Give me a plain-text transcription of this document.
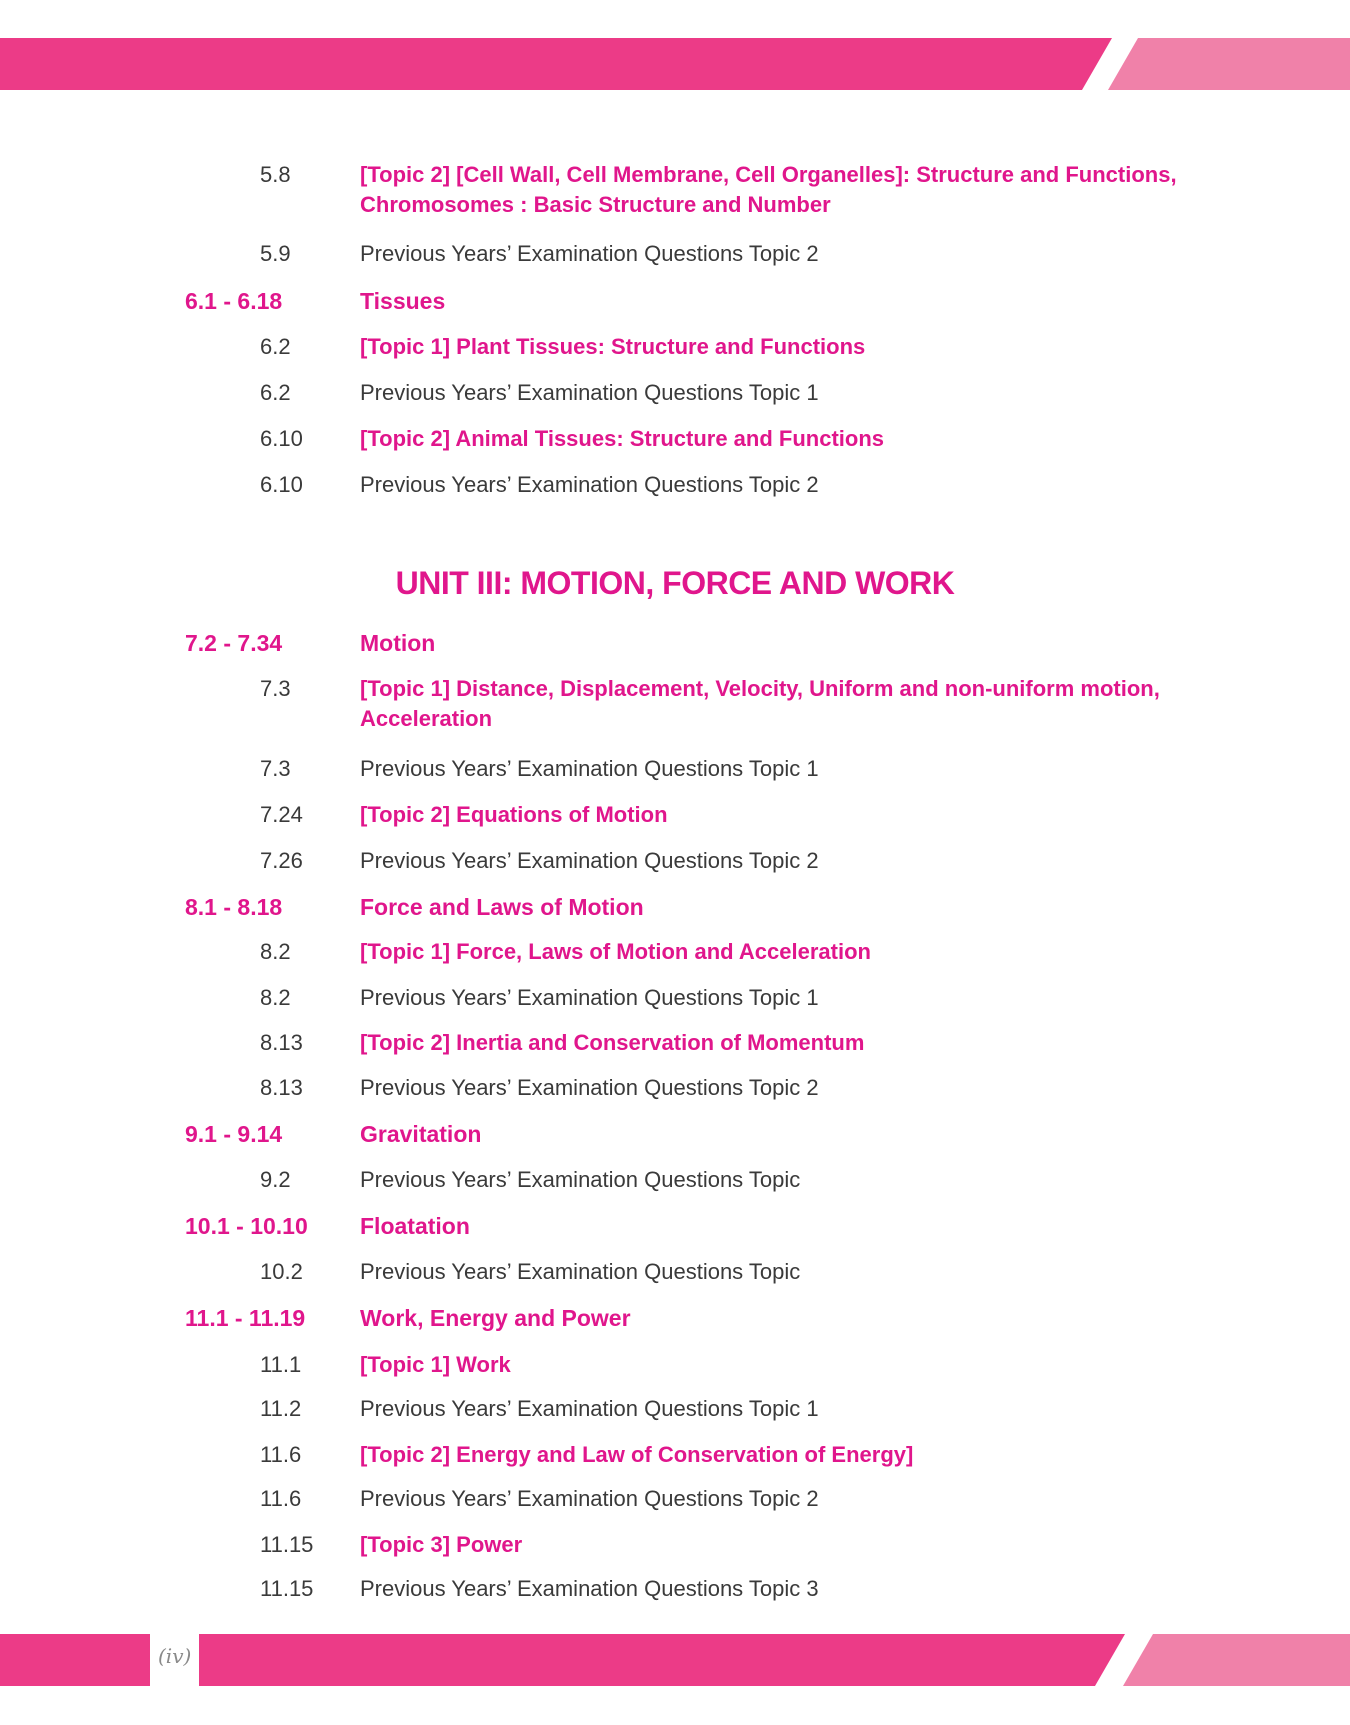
5.8	[Topic 2] [Cell Wall, Cell Membrane, Cell Organelles]: Structure and Functions, Chromosomes : Basic Structure and Number
5.9	Previous Years’ Examination Questions Topic 2
6.1 - 6.18	Tissues
6.2	[Topic 1] Plant Tissues: Structure and Functions
6.2	Previous Years’ Examination Questions Topic 1
6.10	[Topic 2] Animal Tissues: Structure and Functions
6.10	Previous Years’ Examination Questions Topic 2
UNIT III: MOTION, FORCE AND WORK
7.2 - 7.34	Motion
7.3	[Topic 1] Distance, Displacement, Velocity, Uniform and non-uniform motion, Acceleration
7.3	Previous Years’ Examination Questions Topic 1
7.24	[Topic 2] Equations of Motion
7.26	Previous Years’ Examination Questions Topic 2
8.1 - 8.18	Force and Laws of Motion
8.2	[Topic 1] Force, Laws of Motion and Acceleration
8.2	Previous Years’ Examination Questions Topic 1
8.13	[Topic 2] Inertia and Conservation of Momentum
8.13	Previous Years’ Examination Questions Topic 2
9.1 - 9.14	Gravitation
9.2	Previous Years’ Examination Questions Topic
10.1 - 10.10 Floatation
10.2	Previous Years’ Examination Questions Topic
11.1 - 11.19 Work, Energy and Power
11.1	[Topic 1] Work
11.2	Previous Years’ Examination Questions Topic 1
11.6	[Topic 2] Energy and Law of Conservation of Energy]
11.6	Previous Years’ Examination Questions Topic 2
11.15 [Topic 3] Power
11.15 Previous Years’ Examination Questions Topic 3
(iv)
